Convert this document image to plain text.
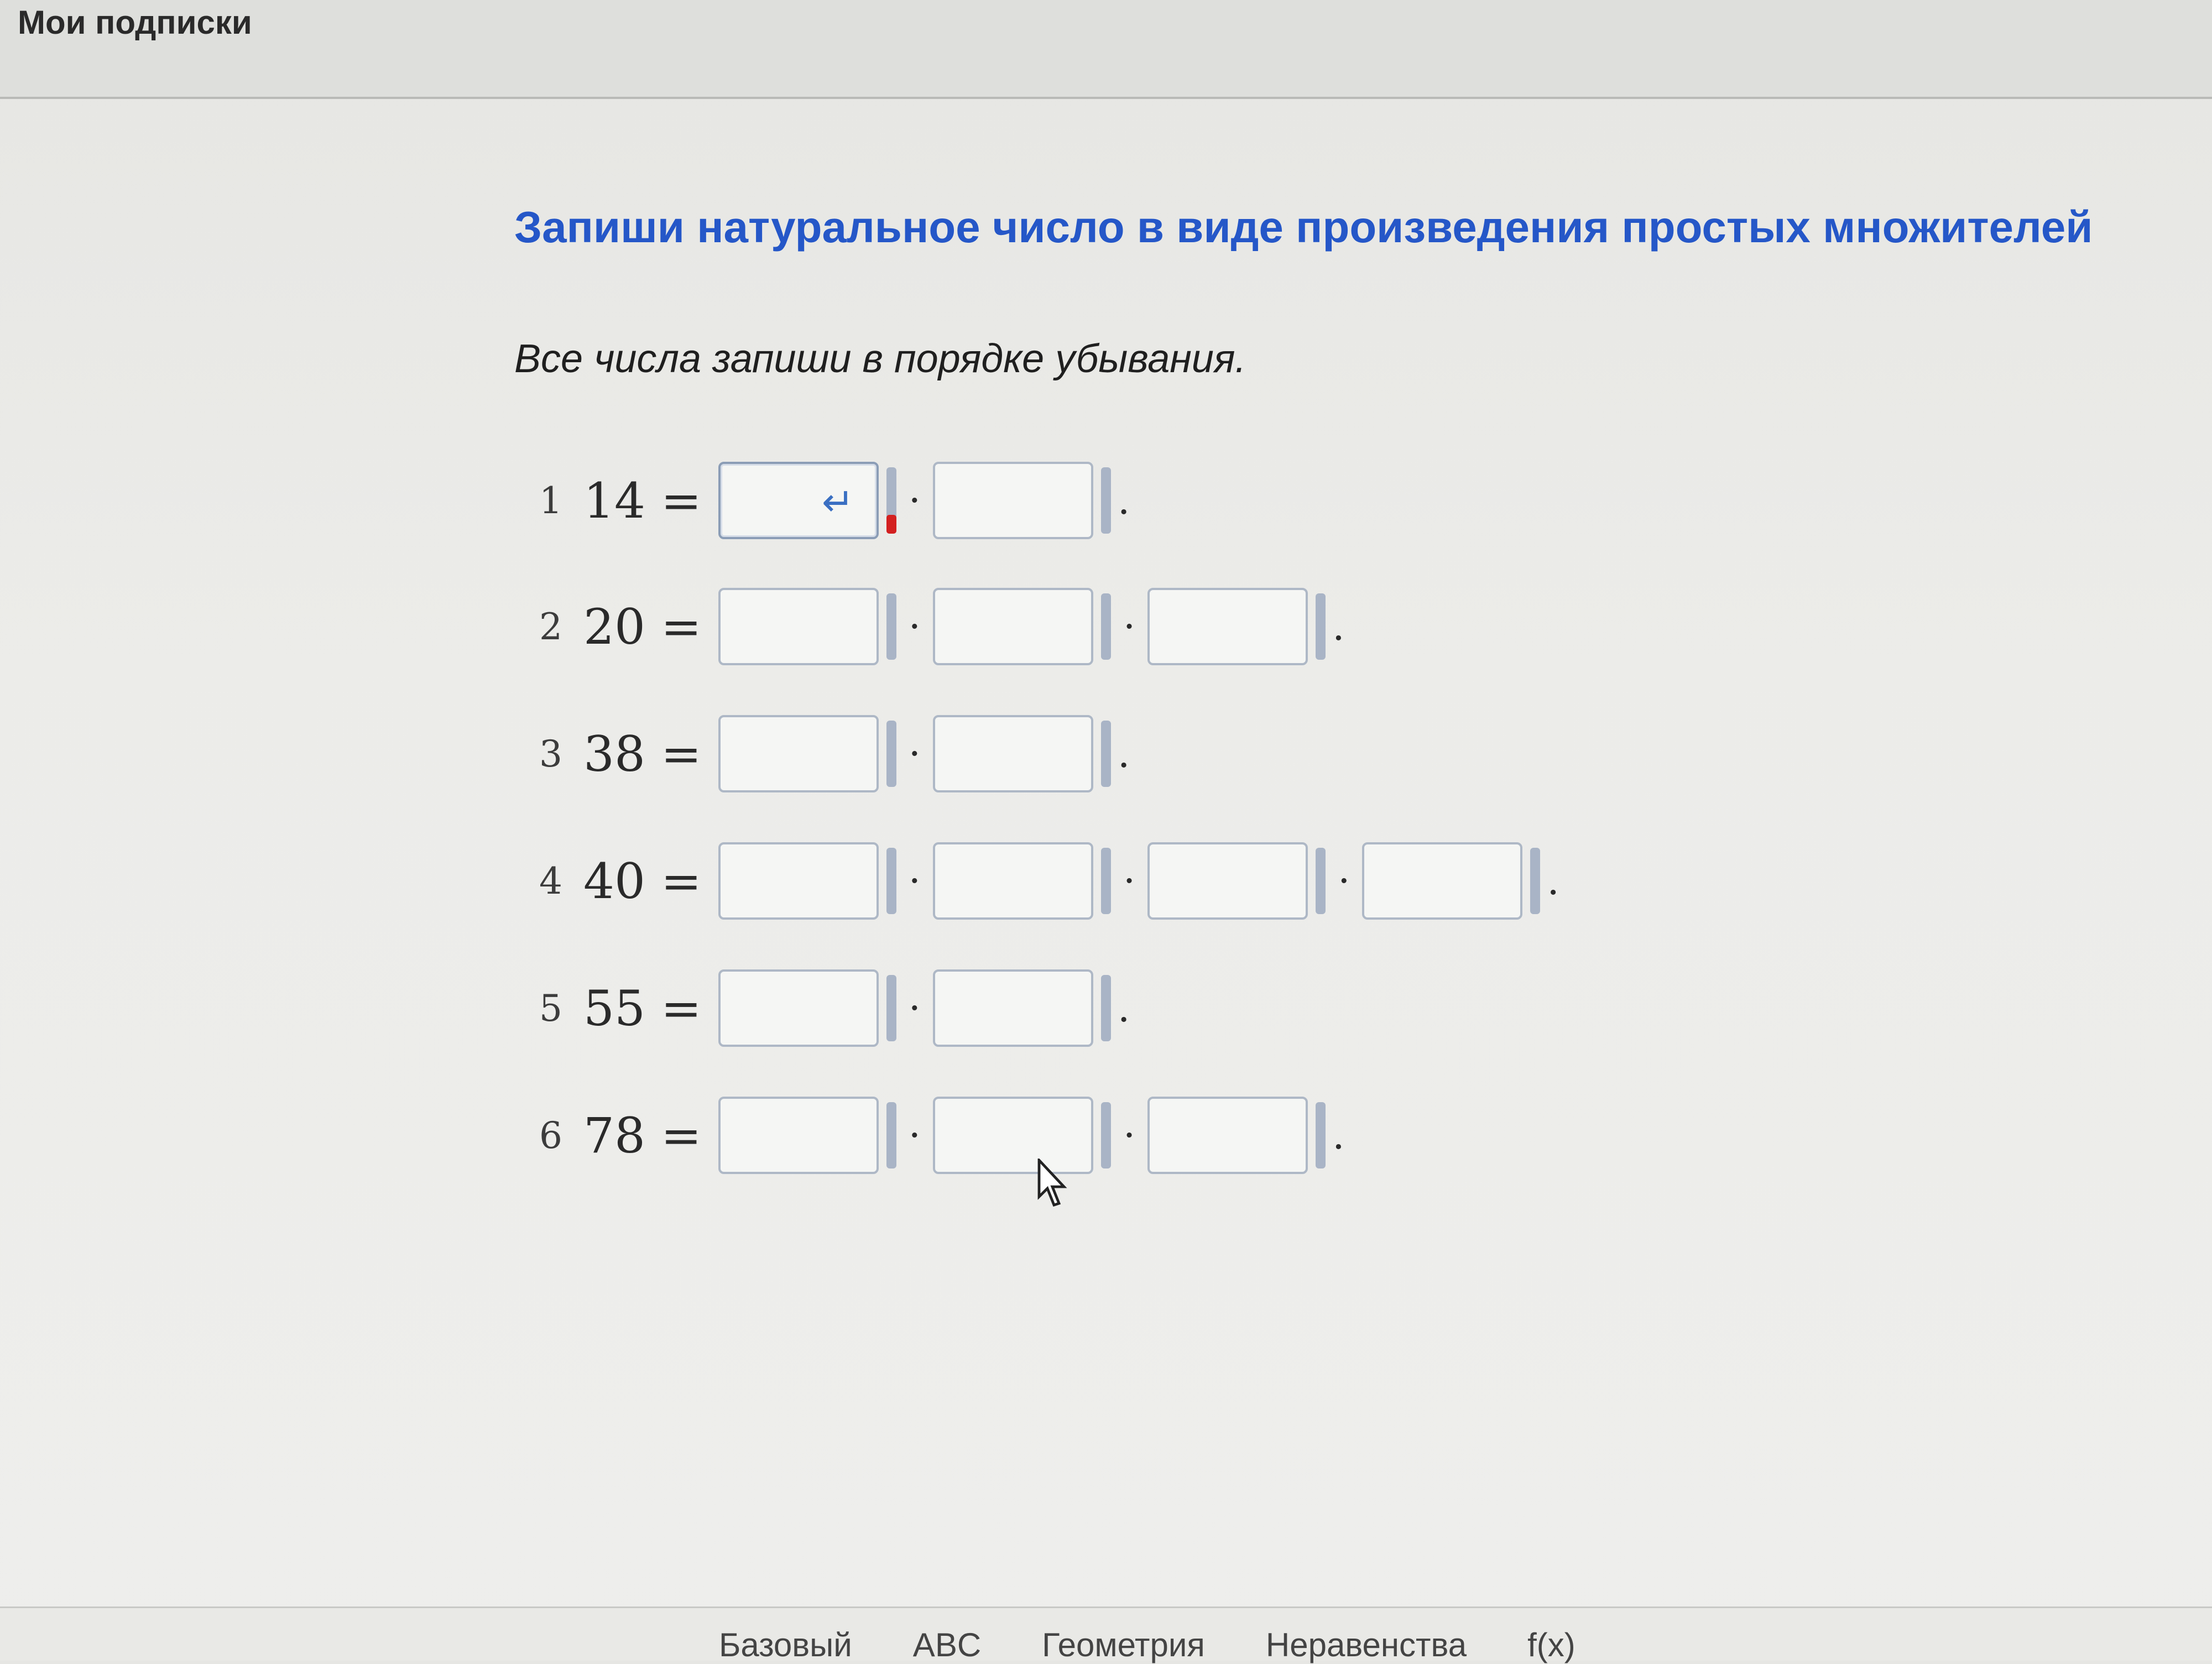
Мои подписки
Запиши натуральное число в виде произведения простых множителей
Все числа запиши в порядке убывания.
1 14 =	↵ ·	.
2 20 =	·	·	.
3 38 =	·	.
4 40 =	·	·	·	.
5 55 =	·	.
6 78 =	·	·	.
Базовый ABC Геометрия Неравенства f(x)
